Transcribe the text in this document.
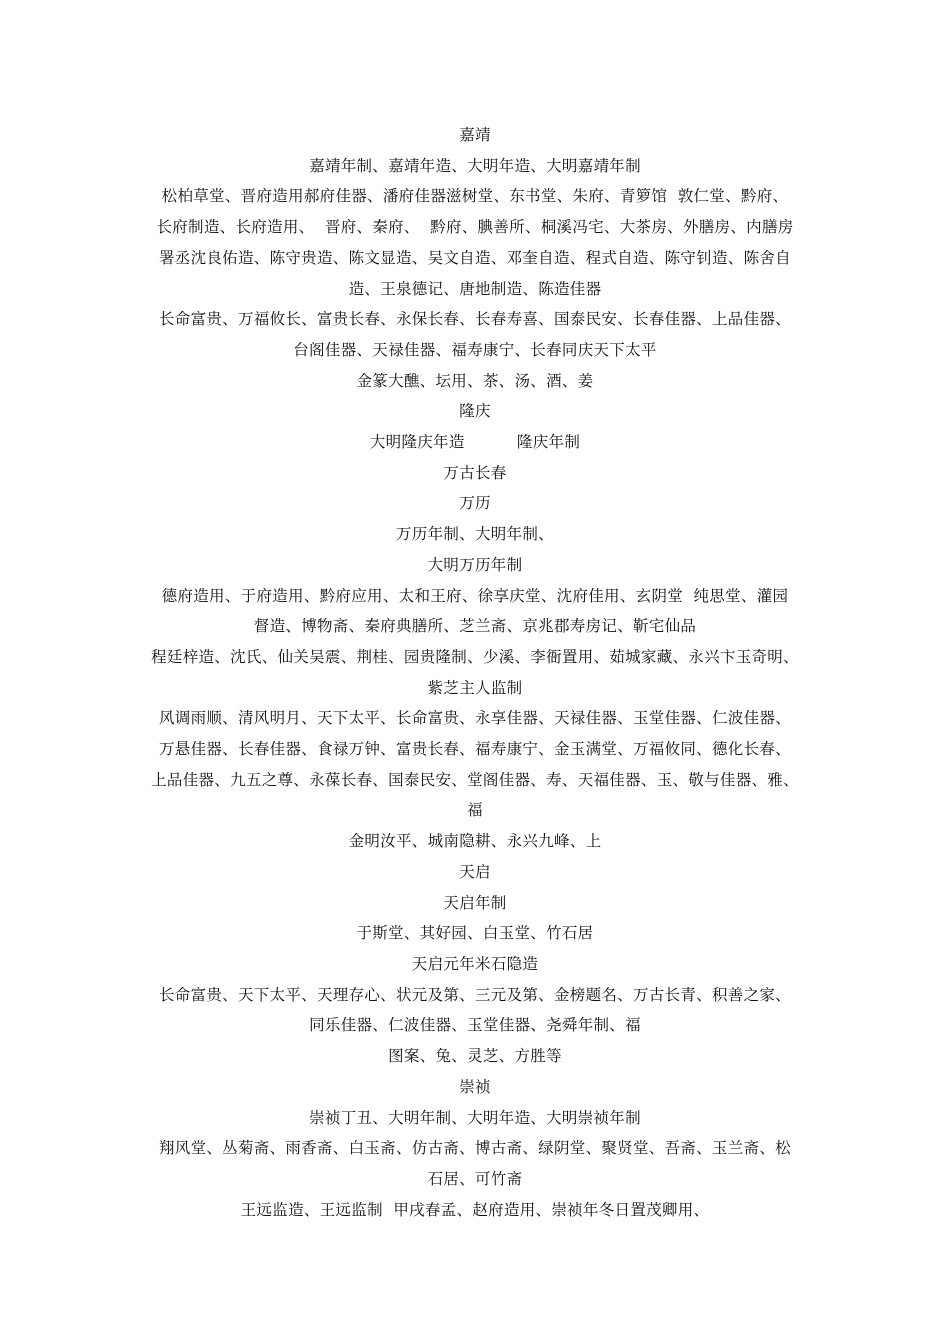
嘉靖
嘉靖年制、嘉靖年造、大明年造、大明嘉靖年制
松柏草堂、晋府造用郝府佳器、潘府佳器滋树堂、东书堂、朱府、青箩馆  敦仁堂、黔府、
长府制造、长府造用、  晋府、秦府、  黔府、腆善所、桐溪冯宅、大茶房、外膳房、内膳房
署丞沈良佑造、陈守贵造、陈文显造、吴文自造、邓奎自造、程式自造、陈守钊造、陈舍自
造、王泉德记、唐地制造、陈造佳器
长命富贵、万福攸长、富贵长春、永保长春、长春寿喜、国泰民安、长春佳器、上品佳器、
台阁佳器、天禄佳器、福寿康宁、长春同庆天下太平
金篆大醮、坛用、茶、汤、酒、姜
隆庆
大明隆庆年造          隆庆年制
万古长春
万历
万历年制、大明年制、
大明万历年制
德府造用、于府造用、黔府应用、太和王府、徐享庆堂、沈府佳用、玄阴堂  纯思堂、灌园
督造、博物斋、秦府典膳所、芝兰斋、京兆郡寿房记、靳宅仙品
程廷梓造、沈氏、仙关吴震、荆桂、园贵隆制、少溪、李衙置用、茹城家藏、永兴卞玉奇明、
紫芝主人监制
风调雨顺、清风明月、天下太平、长命富贵、永享佳器、天禄佳器、玉堂佳器、仁波佳器、
万悬佳器、长春佳器、食禄万钟、富贵长春、福寿康宁、金玉满堂、万福攸同、德化长春、
上品佳器、九五之尊、永葆长春、国泰民安、堂阁佳器、寿、天福佳器、玉、敬与佳器、雅、
福
金明汝平、城南隐耕、永兴九峰、上
天启
天启年制
于斯堂、其好园、白玉堂、竹石居
天启元年米石隐造
长命富贵、天下太平、天理存心、状元及第、三元及第、金榜题名、万古长青、积善之家、
同乐佳器、仁波佳器、玉堂佳器、尧舜年制、福
图案、兔、灵芝、方胜等
崇祯
崇祯丁丑、大明年制、大明年造、大明崇祯年制
翔风堂、丛菊斋、雨香斋、白玉斋、仿古斋、博古斋、绿阴堂、聚贤堂、吾斋、玉兰斋、松
石居、可竹斋
王远监造、王远监制  甲戌春孟、赵府造用、崇祯年冬日置茂卿用、
